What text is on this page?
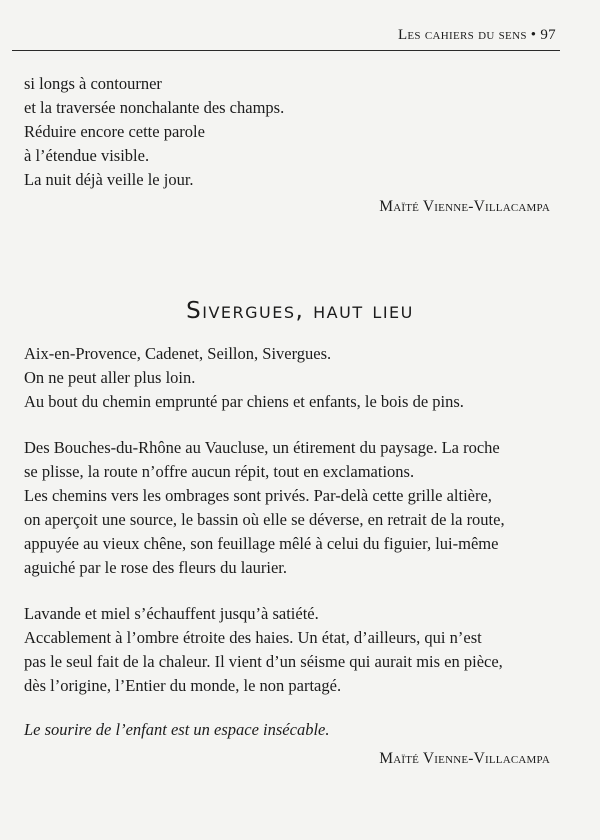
Les cahiers du sens • 97
si longs à contourner
et la traversée nonchalante des champs.
Réduire encore cette parole
à l’étendue visible.
La nuit déjà veille le jour.
Maïté Vienne-Villacampa
Sivergues, haut lieu
Aix-en-Provence, Cadenet, Seillon, Sivergues.
On ne peut aller plus loin.
Au bout du chemin emprunté par chiens et enfants, le bois de pins.
Des Bouches-du-Rhône au Vaucluse, un étirement du paysage. La roche
se plisse, la route n’offre aucun répit, tout en exclamations.
Les chemins vers les ombrages sont privés. Par-delà cette grille altière,
on aperçoit une source, le bassin où elle se déverse, en retrait de la route,
appuyée au vieux chêne, son feuillage mêlé à celui du figuier, lui-même
aguiché par le rose des fleurs du laurier.
Lavande et miel s’échauffent jusqu’à satiété.
Accablement à l’ombre étroite des haies. Un état, d’ailleurs, qui n’est
pas le seul fait de la chaleur. Il vient d’un séisme qui aurait mis en pièce,
dès l’origine, l’Entier du monde, le non partagé.
Le sourire de l’enfant est un espace insécable.
Maïté Vienne-Villacampa
